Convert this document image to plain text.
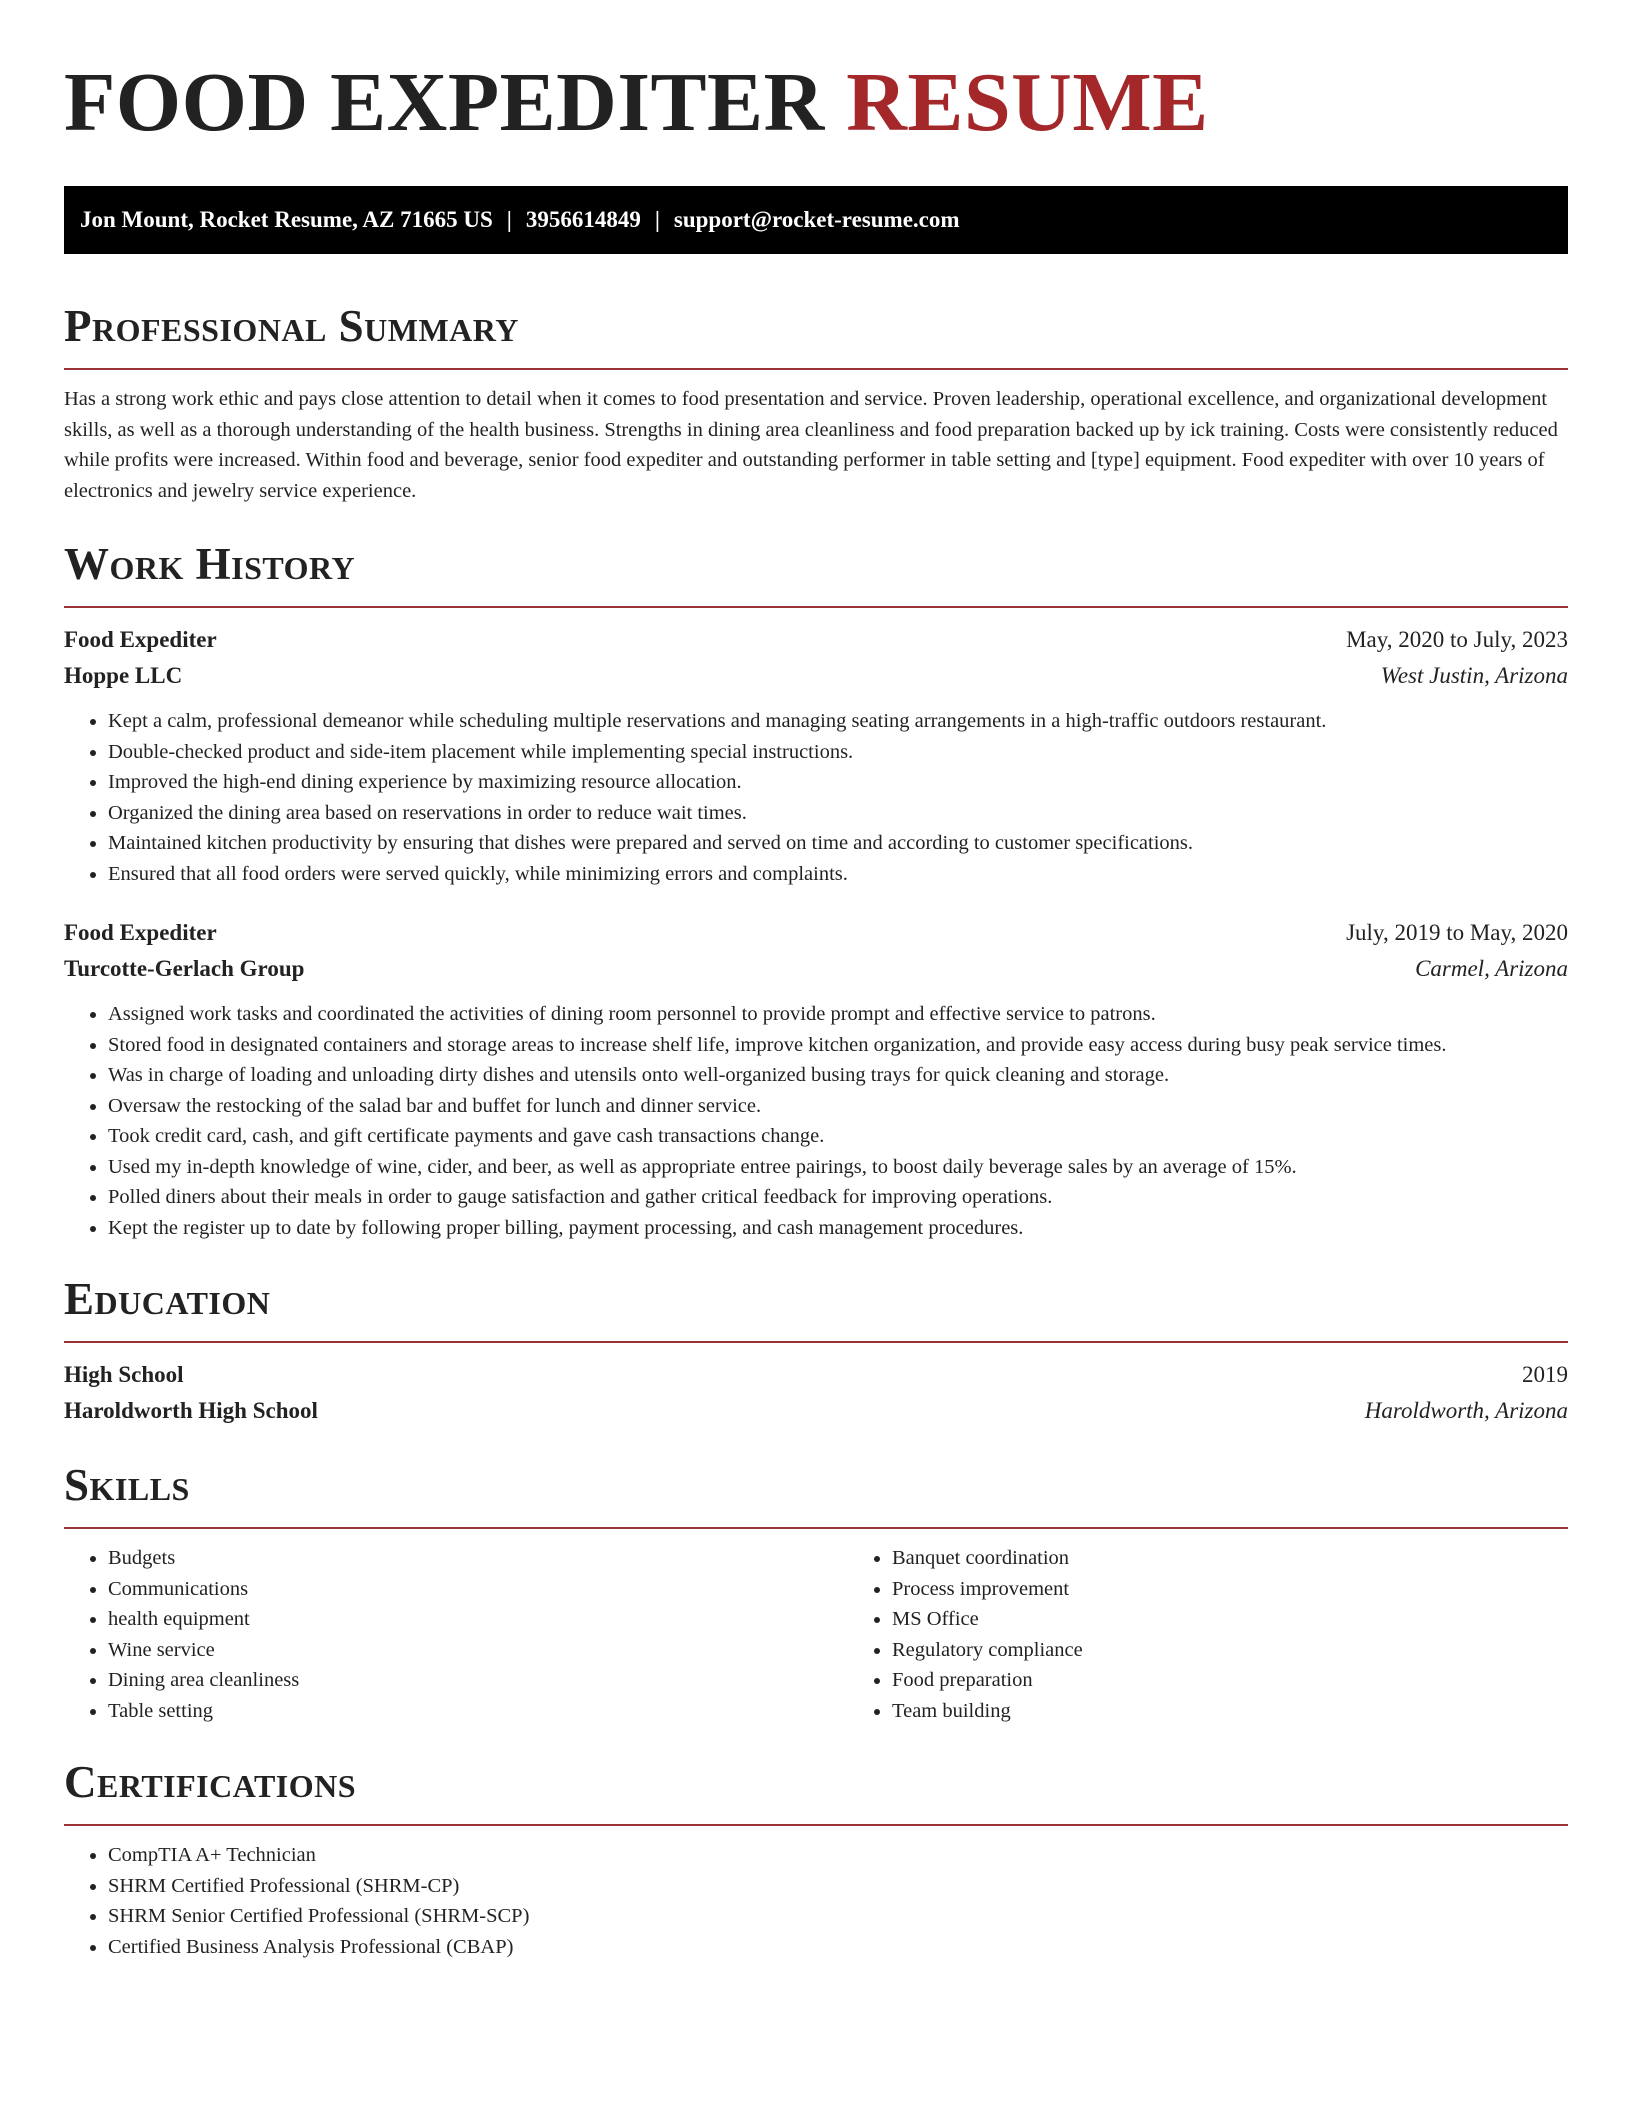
FOOD EXPEDITER RESUME
Jon Mount, Rocket Resume, AZ 71665 US | 3956614849 | support@rocket-resume.com
Professional Summary

Has a strong work ethic and pays close attention to detail when it comes to food presentation and service. Proven leadership, operational excellence, and organizational development skills, as well as a thorough understanding of the health business. Strengths in dining area cleanliness and food preparation backed up by ick training. Costs were consistently reduced while profits were increased. Within food and beverage, senior food expediter and outstanding performer in table setting and [type] equipment. Food expediter with over 10 years of electronics and jewelry service experience.

Work History
Food Expediter	May, 2020 to July, 2023
Hoppe LLC	West Justin, Arizona
• Kept a calm, professional demeanor while scheduling multiple reservations and managing seating arrangements in a high-traffic outdoors restaurant.
• Double-checked product and side-item placement while implementing special instructions.
• Improved the high-end dining experience by maximizing resource allocation.
• Organized the dining area based on reservations in order to reduce wait times.
• Maintained kitchen productivity by ensuring that dishes were prepared and served on time and according to customer specifications.
• Ensured that all food orders were served quickly, while minimizing errors and complaints.
Food Expediter	July, 2019 to May, 2020
Turcotte-Gerlach Group	Carmel, Arizona
• Assigned work tasks and coordinated the activities of dining room personnel to provide prompt and effective service to patrons.
• Stored food in designated containers and storage areas to increase shelf life, improve kitchen organization, and provide easy access during busy peak service times.
• Was in charge of loading and unloading dirty dishes and utensils onto well-organized busing trays for quick cleaning and storage.
• Oversaw the restocking of the salad bar and buffet for lunch and dinner service.
• Took credit card, cash, and gift certificate payments and gave cash transactions change.
• Used my in-depth knowledge of wine, cider, and beer, as well as appropriate entree pairings, to boost daily beverage sales by an average of 15%.
• Polled diners about their meals in order to gauge satisfaction and gather critical feedback for improving operations.
• Kept the register up to date by following proper billing, payment processing, and cash management procedures.
Education
High School	2019
Haroldworth High School	Haroldworth, Arizona
Skills
• Budgets
• Communications
• health equipment
• Wine service
• Dining area cleanliness
• Table setting
• Banquet coordination
• Process improvement
• MS Office
• Regulatory compliance
• Food preparation
• Team building
Certifications
• CompTIA A+ Technician
• SHRM Certified Professional (SHRM-CP)
• SHRM Senior Certified Professional (SHRM-SCP)
• Certified Business Analysis Professional (CBAP)
